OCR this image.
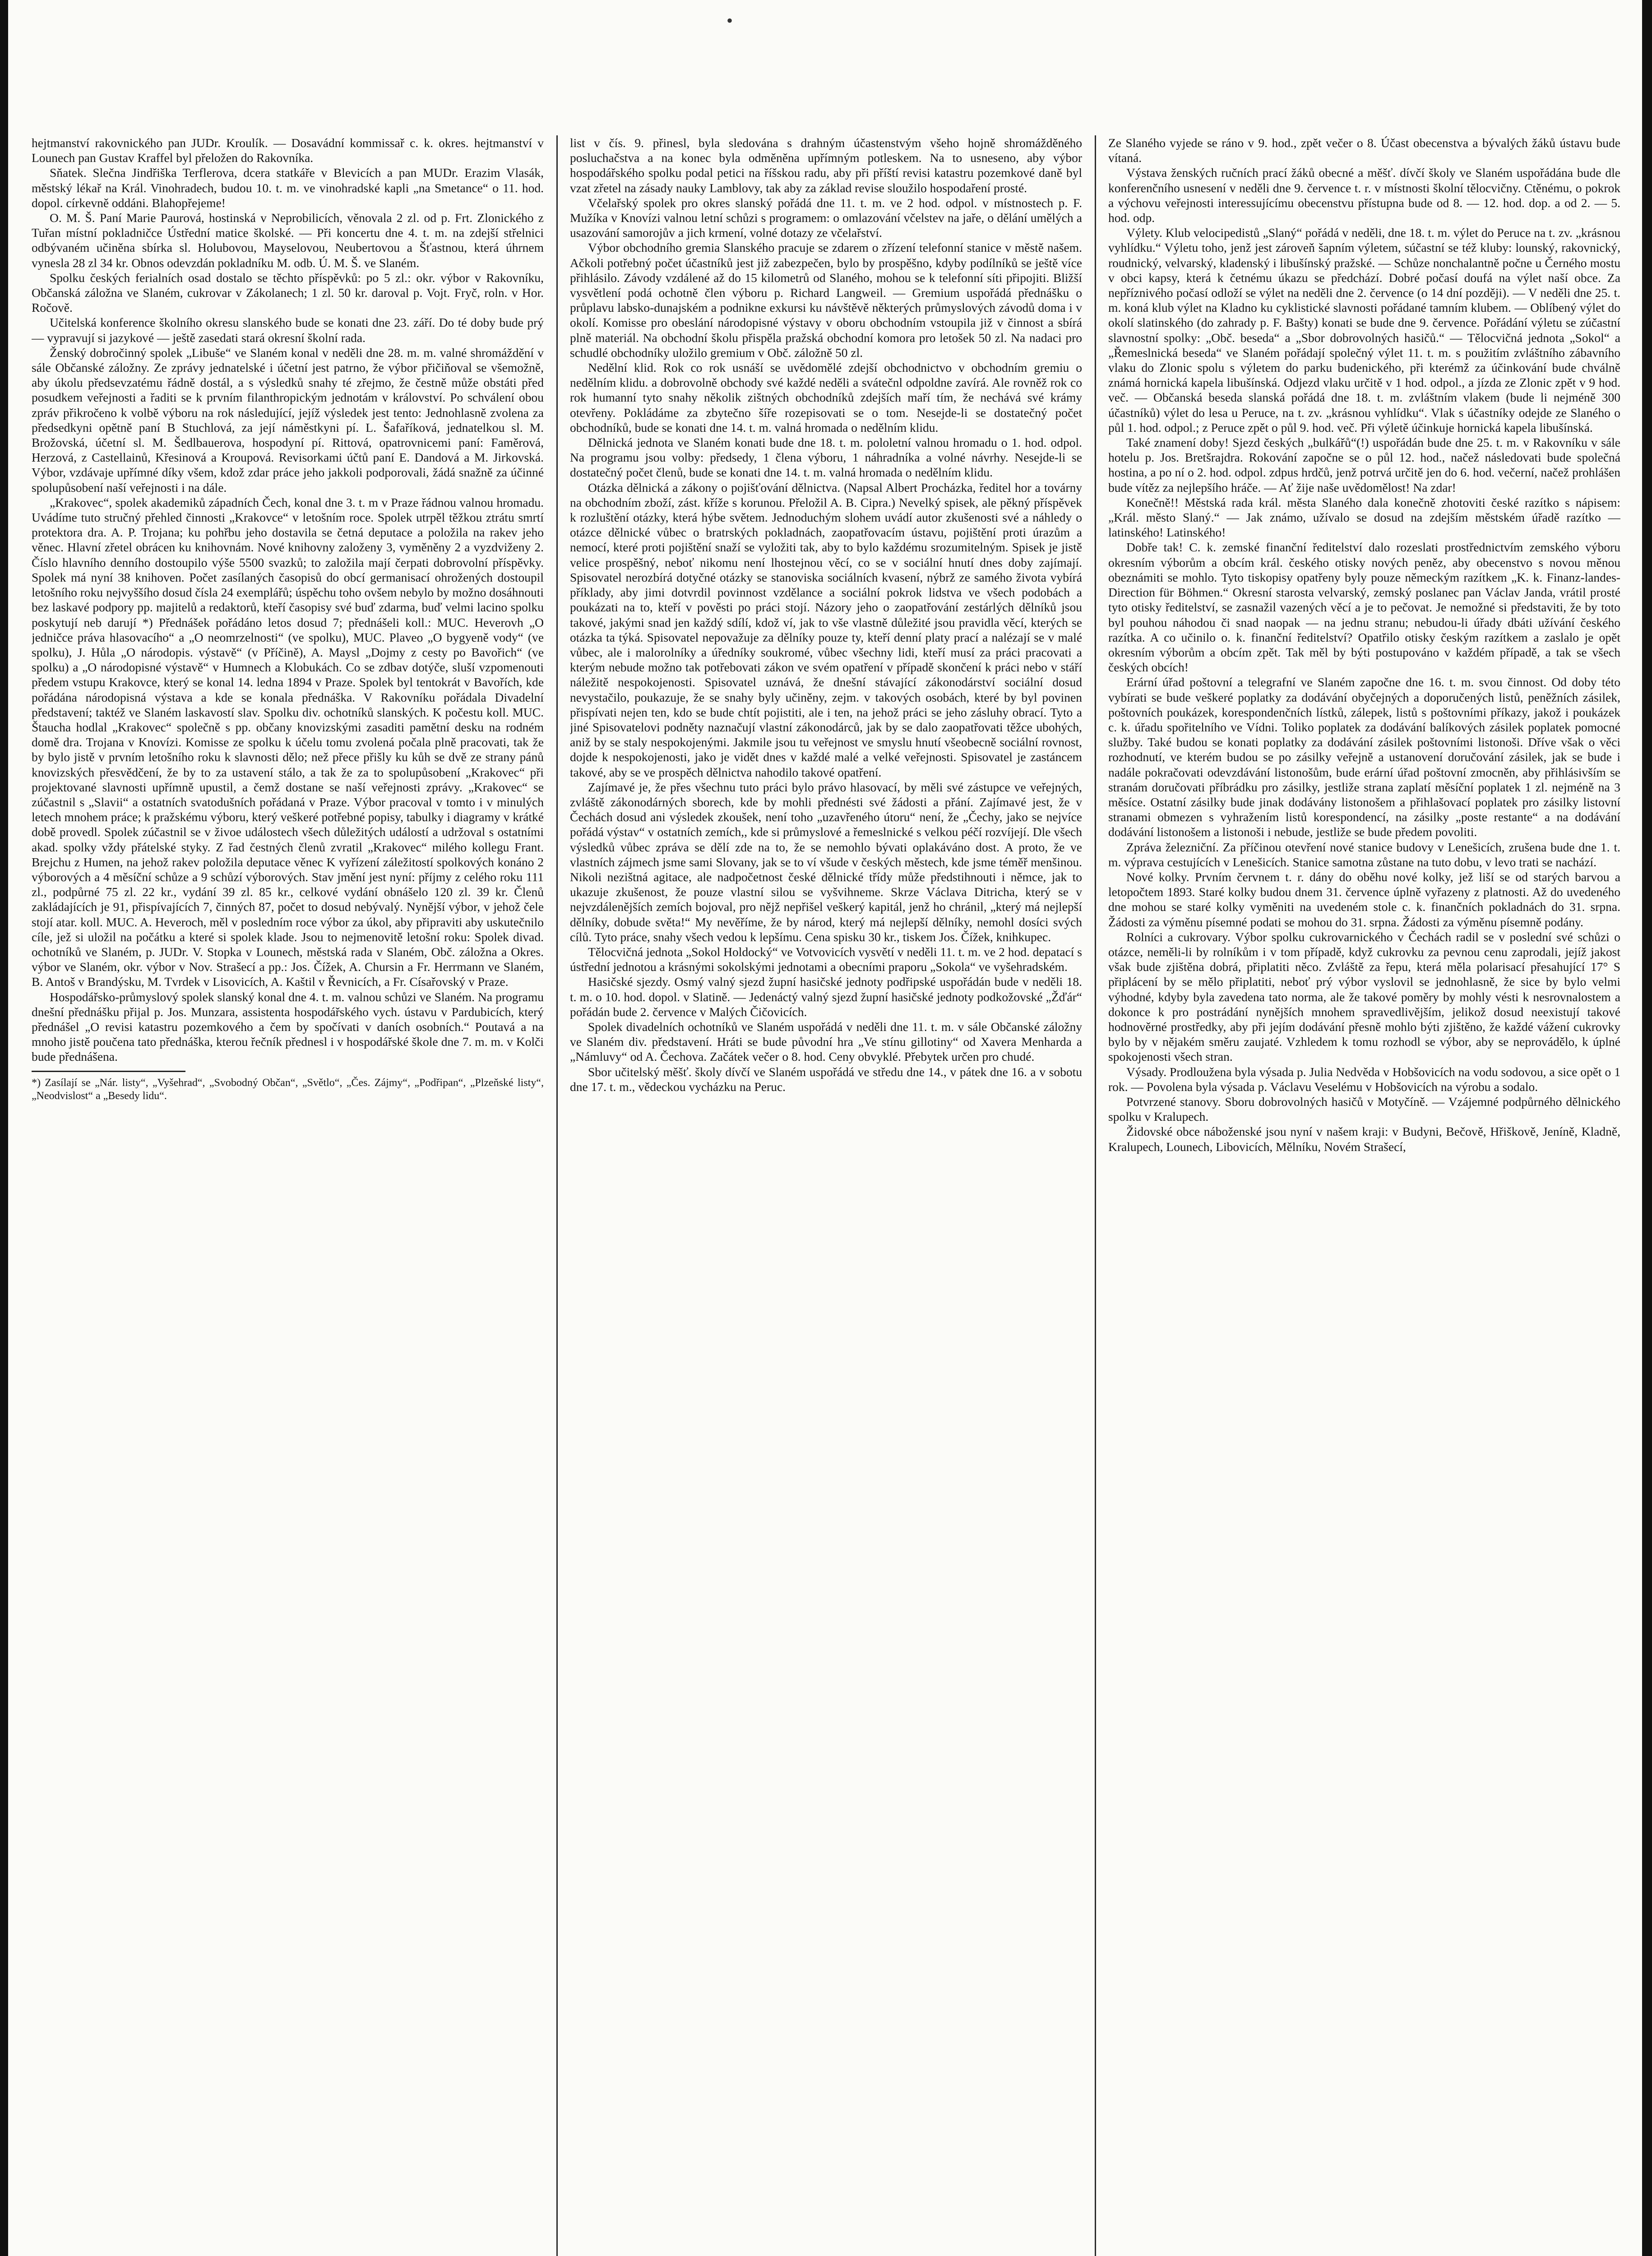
•

hejtmanství rakovnického pan JUDr. Kroulík. — Dosavádní kommissař c. k. okres. hejtmanství v Lounech pan Gustav Kraffel byl přeložen do Rakovníka.

Sňatek. Slečna Jindřiška Terflerova, dcera statkáře v Blevicích a pan MUDr. Erazim Vlasák, městský lékař na Král. Vinohradech, budou 10. t. m. ve vinohradské kapli „na Smetance“ o 11. hod. dopol. církevně oddáni. Blahopřejeme!

O. M. Š. Paní Marie Paurová, hostinská v Neprobilicích, věnovala 2 zl. od p. Frt. Zlonického z Tuřan místní pokladničce Ústřední matice školské. — Při koncertu dne 4. t. m. na zdejší střelnici odbývaném učiněna sbírka sl. Holubovou, Mayselovou, Neubertovou a Šťastnou, která úhrnem vynesla 28 zl 34 kr. Obnos odevzdán pokladníku M. odb. Ú. M. Š. ve Slaném.

Spolku českých ferialních osad dostalo se těchto příspěvků: po 5 zl.: okr. výbor v Rakovníku, Občanská záložna ve Slaném, cukrovar v Zákolanech; 1 zl. 50 kr. daroval p. Vojt. Fryč, roln. v Hor. Ročově.

Učitelská konference školního okresu slanského bude se konati dne 23. září. Do té doby bude prý — vypravují si jazykové — ještě zasedati stará okresní školní rada.

Ženský dobročinný spolek „Libuše“ ve Slaném konal v neděli dne 28. m. m. valné shromáždění v sále Občanské záložny. Ze zprávy jednatelské i účetní jest patrno, že výbor přičiňoval se všemožně, aby úkolu předsevzatému řádně dostál, a s výsledků snahy té zřejmo, že čestně může obstáti před posudkem veřejnosti a řaditi se k prvním filanthropickým jednotám v království. Po schválení obou zpráv přikročeno k volbě výboru na rok následující, jejíž výsledek jest tento: Jednohlasně zvolena za předsedkyni opětně paní B Stuchlová, za její náměstkyni pí. L. Šafaříková, jednatelkou sl. M. Brožovská, účetní sl. M. Šedlbauerova, hospodyní pí. Rittová, opatrovnicemi paní: Faměrová, Herzová, z Castellainů, Křesinová a Kroupová. Revisorkami účtů paní E. Dandová a M. Jirkovská. Výbor, vzdávaje upřímné díky všem, kdož zdar práce jeho jakkoli podporovali, žádá snažně za účinné spolupůsobení naší veřejnosti i na dále.

„Krakovec“, spolek akademiků západních Čech, konal dne 3. t. m v Praze řádnou valnou hromadu. Uvádíme tuto stručný přehled činnosti „Krakovce“ v letošním roce. Spolek utrpěl těžkou ztrátu smrtí protektora dra. A. P. Trojana; ku pohřbu jeho dostavila se četná deputace a položila na rakev jeho věnec. Hlavní zřetel obrácen ku knihovnám. Nové knihovny založeny 3, vyměněny 2 a vyzdviženy 2. Číslo hlavního denního dostoupilo výše 5500 svazků; to založila mají čerpati dobrovolní příspěvky. Spolek má nyní 38 knihoven. Počet zasílaných časopisů do obcí germanisací ohrožených dostoupil letošního roku nejvyššího dosud čísla 24 exemplářů; úspěchu toho ovšem nebylo by možno dosáhnouti bez laskavé podpory pp. majitelů a redaktorů, kteří časopisy své buď zdarma, buď velmi lacino spolku poskytují neb darují *) Přednášek pořádáno letos dosud 7; přednášeli koll.: MUC. Heverovh „O jedničce práva hlasovacího“ a „O neomrzelnosti“ (ve spolku), MUC. Plaveo „O bygyeně vody“ (ve spolku), J. Hůla „O národopis. výstavě“ (v Příčině), A. Maysl „Dojmy z cesty po Bavořich“ (ve spolku) a „O národopisné výstavě“ v Humnech a Klobukách. Co se zdbav dotýče, sluší vzpomenouti předem vstupu Krakovce, který se konal 14. ledna 1894 v Praze. Spolek byl tentokrát v Bavořích, kde pořádána národopisná výstava a kde se konala přednáška. V Rakovníku pořádala Divadelní představení; taktéž ve Slaném laskavostí slav. Spolku div. ochotníků slanských. K počestu koll. MUC. Štaucha hodlal „Krakovec“ společně s pp. občany knovizskými zasaditi pamětní desku na rodném domě dra. Trojana v Knovízi. Komisse ze spolku k účelu tomu zvolená počala plně pracovati, tak že by bylo jistě v prvním letošního roku k slavnosti dělo; než přece přišly ku kůh se dvě ze strany pánů knovizských přesvědčení, že by to za ustavení stálo, a tak že za to spolupůsobení „Krakovec“ při projektované slavnosti upřímně upustil, a čemž dostane se naší veřejnosti zprávy. „Krakovec“ se zúčastnil s „Slavii“ a ostatních svatodušních pořádaná v Praze. Výbor pracoval v tomto i v minulých letech mnohem práce; k pražskému výboru, který veškeré potřebné popisy, tabulky i diagramy v krátké době provedl. Spolek zúčastnil se v živoe událostech všech důležitých událostí a udržoval s ostatními akad. spolky vždy přátelské styky. Z řad čestných členů zvratil „Krakovec“ milého kollegu Frant. Brejchu z Humen, na jehož rakev položila deputace věnec K vyřízení záležitostí spolkových konáno 2 výborových a 4 měsíční schůze a 9 schůzí výborových. Stav jmění jest nyní: příjmy z celého roku 111 zl., podpůrné 75 zl. 22 kr., vydání 39 zl. 85 kr., celkové vydání obnášelo 120 zl. 39 kr. Členů zakládajících je 91, přispívajících 7, činných 87, počet to dosud nebývalý. Nynější výbor, v jehož čele stojí atar. koll. MUC. A. Heveroch, měl v posledním roce výbor za úkol, aby připraviti aby uskutečnilo cíle, jež si uložil na počátku a které si spolek klade. Jsou to nejmenovitě letošní roku: Spolek divad. ochotníků ve Slaném, p. JUDr. V. Stopka v Lounech, městská rada v Slaném, Obč. záložna a Okres. výbor ve Slaném, okr. výbor v Nov. Strašecí a pp.: Jos. Čížek, A. Chursin a Fr. Herrmann ve Slaném, B. Antoš v Brandýsku, M. Tvrdek v Lisovicích, A. Kaštil v Řevnicích, a Fr. Císařovský v Praze.

Hospodářsko-průmyslový spolek slanský konal dne 4. t. m. valnou schůzi ve Slaném. Na programu dnešní přednášku přijal p. Jos. Munzara, assistenta hospodářského vych. ústavu v Pardubicích, který přednášel „O revisi katastru pozemkového a čem by spočívati v daních osobních.“ Poutavá a na mnoho jistě poučena tato přednáška, kterou řečník přednesl i v hospodářské škole dne 7. m. m. v Kolči bude přednášena.

*) Zasílají se „Nár. listy“, „Vyšehrad“, „Svobodný Občan“, „Světlo“, „Čes. Zájmy“, „Podřipan“, „Plzeňské listy“, „Neodvislost“ a „Besedy lidu“.

list v čís. 9. přinesl, byla sledována s drahným účastenstvým všeho hojně shromážděného posluchačstva a na konec byla odměněna upřímným potleskem. Na to usneseno, aby výbor hospodářského spolku podal petici na říšskou radu, aby při příští revisi katastru pozemkové daně byl vzat zřetel na zásady nauky Lamblovy, tak aby za základ revise sloužilo hospodaření prosté.

Včelařský spolek pro okres slanský pořádá dne 11. t. m. ve 2 hod. odpol. v místnostech p. F. Mužíka v Knovízi valnou letní schůzi s programem: o omlazování včelstev na jaře, o dělání umělých a usazování samorojův a jich krmení, volné dotazy ze včelařství.

Výbor obchodního gremia Slanského pracuje se zdarem o zřízení telefonní stanice v městě našem. Ačkoli potřebný počet účastníků jest již zabezpečen, bylo by prospěšno, kdyby podílníků se ještě více přihlásilo. Závody vzdálené až do 15 kilometrů od Slaného, mohou se k telefonní síti připojiti. Bližší vysvětlení podá ochotně člen výboru p. Richard Langweil. — Gremium uspořádá přednášku o průplavu labsko-dunajském a podnikne exkursi ku návštěvě některých průmyslových závodů doma i v okolí. Komisse pro obeslání národopisné výstavy v oboru obchodním vstoupila již v činnost a sbírá plně materiál. Na obchodní školu přispěla pražská obchodní komora pro letošek 50 zl. Na nadaci pro schudlé obchodníky uložilo gremium v Obč. záložně 50 zl.

Nedělní klid. Rok co rok usnáší se uvědomělé zdejší obchodnictvo v obchodním gremiu o nedělním klidu. a dobrovolně obchody své každé neděli a svátečnl odpoldne zavírá. Ale rovněž rok co rok humanní tyto snahy několik zištných obchodníků zdejších maří tím, že nechává své krámy otevřeny. Pokládáme za zbytečno šíře rozepisovati se o tom. Nesejde-li se dostatečný počet obchodníků, bude se konati dne 14. t. m. valná hromada o nedělním klidu.

Dělnická jednota ve Slaném konati bude dne 18. t. m. pololetní valnou hromadu o 1. hod. odpol. Na programu jsou volby: předsedy, 1 člena výboru, 1 náhradníka a volné návrhy. Nesejde-li se dostatečný počet členů, bude se konati dne 14. t. m. valná hromada o nedělním klidu.

Otázka dělnická a zákony o pojišťování dělnictva. (Napsal Albert Procházka, ředitel hor a továrny na obchodním zboží, zást. kříže s korunou. Přeložil A. B. Cipra.) Nevelký spisek, ale pěkný příspěvek k rozluštění otázky, která hýbe světem. Jednoduchým slohem uvádí autor zkušenosti své a náhledy o otázce dělnické vůbec o bratrských pokladnách, zaopatřovacím ústavu, pojištění proti úrazům a nemocí, které proti pojištění snaží se vyložiti tak, aby to bylo každému srozumitelným. Spisek je jistě velice prospěšný, neboť nikomu není lhostejnou věcí, co se v sociální hnutí dnes doby zajímají. Spisovatel nerozbírá dotyčné otázky se stanoviska sociálních kvasení, nýbrž ze samého života vybírá příklady, aby jimi dotvrdil povinnost vzdělance a sociální pokrok lidstva ve všech podobách a poukázati na to, kteří v pověsti po práci stojí. Názory jeho o zaopatřování zestárlých dělníků jsou takové, jakými snad jen každý sdílí, kdož ví, jak to vše vlastně důležité jsou pravidla věcí, kterých se otázka ta týká. Spisovatel nepovažuje za dělníky pouze ty, kteří denní platy prací a nalézají se v malé vůbec, ale i malorolníky a úředníky soukromé, vůbec všechny lidi, kteří musí za práci pracovati a kterým nebude možno tak potřebovati zákon ve svém opatření v případě skončení k práci nebo v stáří náležitě nespokojenosti. Spisovatel uznává, že dnešní stávající zákonodárství sociální dosud nevystačilo, poukazuje, že se snahy byly učiněny, zejm. v takových osobách, které by byl povinen přispívati nejen ten, kdo se bude chtít pojistiti, ale i ten, na jehož práci se jeho zásluhy obrací. Tyto a jiné Spisovatelovi podněty naznačují vlastní zákonodárců, jak by se dalo zaopatřovati těžce ubohých, aniž by se staly nespokojenými. Jakmile jsou tu veřejnost ve smyslu hnutí všeobecně sociální rovnost, dojde k nespokojenosti, jako je vidět dnes v každé malé a velké veřejnosti. Spisovatel je zastáncem takové, aby se ve prospěch dělnictva nahodilo takové opatření.

Zajímavé je, že přes všechnu tuto práci bylo právo hlasovací, by měli své zástupce ve veřejných, zvláště zákonodárných sborech, kde by mohli přednésti své žádosti a přání. Zajímavé jest, že v Čechách dosud ani výsledek zkoušek, není toho „uzavřeného útoru“ není, že „Čechy, jako se nejvíce pořádá výstav“ v ostatních zemích,, kde si průmyslové a řemeslnické s velkou péčí rozvíjejí. Dle všech výsledků vůbec zpráva se dělí zde na to, že se nemohlo bývati oplakáváno dost. A proto, že ve vlastních zájmech jsme sami Slovany, jak se to ví všude v českých městech, kde jsme téměř menšinou. Nikoli nezištná agitace, ale nadpočetnost české dělnické třídy může předstihnouti i němce, jak to ukazuje zkušenost, že pouze vlastní silou se vyšvihneme. Skrze Václava Ditricha, který se v nejvzdálenějších zemích bojoval, pro nějž nepřišel veškerý kapitál, jenž ho chránil, „který má nejlepší dělníky, dobude světa!“ My nevěříme, že by národ, který má nejlepší dělníky, nemohl dosíci svých cílů. Tyto práce, snahy všech vedou k lepšímu. Cena spisku 30 kr., tiskem Jos. Čížek, knihkupec.

Tělocvičná jednota „Sokol Holdocký“ ve Votvovicích vysvětí v neděli 11. t. m. ve 2 hod. depatací s ústřední jednotou a krásnými sokolskými jednotami a obecními praporu „Sokola“ ve vyšehradském.

Hasičské sjezdy. Osmý valný sjezd župní hasičské jednoty podřipské uspořádán bude v neděli 18. t. m. o 10. hod. dopol. v Slatině. — Jedenáctý valný sjezd župní hasičské jednoty podkožovské „Žďár“ pořádán bude 2. července v Malých Čičovicích.

Spolek divadelních ochotníků ve Slaném uspořádá v neděli dne 11. t. m. v sále Občanské záložny ve Slaném div. představení. Hráti se bude původní hra „Ve stínu gillotiny“ od Xavera Menharda a „Námluvy“ od A. Čechova. Začátek večer o 8. hod. Ceny obvyklé. Přebytek určen pro chudé.

Sbor učitelský měšť. školy dívčí ve Slaném uspořádá ve středu dne 14., v pátek dne 16. a v sobotu dne 17. t. m., vědeckou vycházku na Peruc.

Ze Slaného vyjede se ráno v 9. hod., zpět večer o 8. Účast obecenstva a bývalých žáků ústavu bude vítaná.

Výstava ženských ručních prací žáků obecné a měšť. dívčí školy ve Slaném uspořádána bude dle konferenčního usnesení v neděli dne 9. července t. r. v místnosti školní tělocvičny. Ctěnému, o pokrok a výchovu veřejnosti interessujícímu obecenstvu přístupna bude od 8. — 12. hod. dop. a od 2. — 5. hod. odp.

Výlety. Klub velocipedistů „Slaný“ pořádá v neděli, dne 18. t. m. výlet do Peruce na t. zv. „krásnou vyhlídku.“ Výletu toho, jenž jest zároveň šapním výletem, súčastní se též kluby: lounský, rakovnický, roudnický, velvarský, kladenský i libušínský pražské. — Schůze nonchalantně počne u Černého mostu v obci kapsy, která k četnému úkazu se předchází. Dobré počasí doufá na výlet naší obce. Za nepříznivého počasí odloží se výlet na neděli dne 2. července (o 14 dní později). — V neděli dne 25. t. m. koná klub výlet na Kladno ku cyklistické slavnosti pořádané tamním klubem. — Oblíbený výlet do okolí slatinského (do zahrady p. F. Bašty) konati se bude dne 9. července. Pořádání výletu se zúčastní slavnostní spolky: „Obč. beseda“ a „Sbor dobrovolných hasičů.“ — Tělocvičná jednota „Sokol“ a „Řemeslnická beseda“ ve Slaném pořádají společný výlet 11. t. m. s použitím zvláštního zábavního vlaku do Zlonic spolu s výletem do parku budenického, při kterémž za účinkování bude chválně známá hornická kapela libušínská. Odjezd vlaku určitě v 1 hod. odpol., a jízda ze Zlonic zpět v 9 hod. več. — Občanská beseda slanská pořádá dne 18. t. m. zvláštním vlakem (bude li nejméně 300 účastníků) výlet do lesa u Peruce, na t. zv. „krásnou vyhlídku“. Vlak s účastníky odejde ze Slaného o půl 1. hod. odpol.; z Peruce zpět o půl 9. hod. več. Při výletě účinkuje hornická kapela libušínská.

Také znamení doby! Sjezd českých „bulkářů“(!) uspořádán bude dne 25. t. m. v Rakovníku v sále hotelu p. Jos. Bretšrajdra. Rokování započne se o půl 12. hod., načež následovati bude společná hostina, a po ní o 2. hod. odpol. zdpus hrdčů, jenž potrvá určitě jen do 6. hod. večerní, načež prohlášen bude vítěz za nejlepšího hráče. — Ať žije naše uvědomělost! Na zdar!

Konečně!! Městská rada král. města Slaného dala konečně zhotoviti české razítko s nápisem: „Král. město Slaný.“ — Jak známo, užívalo se dosud na zdejším městském úřadě razítko — latinského! Latinského!

Dobře tak! C. k. zemské finanční ředitelství dalo rozeslati prostřednictvím zemského výboru okresním výborům a obcím král. českého otisky nových peněz, aby obecenstvo s novou měnou obeznámiti se mohlo. Tyto tiskopisy opatřeny byly pouze německým razítkem „K. k. Finanz-landes-Direction für Böhmen.“ Okresní starosta velvarský, zemský poslanec pan Václav Janda, vrátil prosté tyto otisky ředitelství, se zasnažil vazených věcí a je to pečovat. Je nemožné si představiti, že by toto byl pouhou náhodou či snad naopak — na jednu stranu; nebudou-li úřady dbáti užívání českého razítka. A co učinilo o. k. finanční ředitelství? Opatřilo otisky českým razítkem a zaslalo je opět okresním výborům a obcím zpět. Tak měl by býti postupováno v každém případě, a tak se všech českých obcích!

Erární úřad poštovní a telegrafní ve Slaném započne dne 16. t. m. svou činnost. Od doby této vybírati se bude veškeré poplatky za dodávání obyčejných a doporučených listů, peněžních zásilek, poštovních poukázek, korespondenčních lístků, zálepek, listů s poštovními příkazy, jakož i poukázek c. k. úřadu spořitelního ve Vídni. Toliko poplatek za dodávání balíkových zásilek poplatek pomocné služby. Také budou se konati poplatky za dodávání zásilek poštovními listonoši. Dříve však o věci rozhodnutí, ve kterém budou se po zásilky veřejně a ustanovení doručování zásilek, jak se bude i nadále pokračovati odevzdávání listonošům, bude erární úřad poštovní zmocněn, aby přihlásivším se stranám doručovati příbrádku pro zásilky, jestliže strana zaplatí měsíční poplatek 1 zl. nejméně na 3 měsíce. Ostatní zásilky bude jinak dodávány listonošem a přihlašovací poplatek pro zásilky listovní stranami obmezen s vyhražením listů korespondencí, na zásilky „poste restante“ a na dodávání dodávání listonošem a listonoši i nebude, jestliže se bude předem povoliti.

Zpráva železniční. Za příčinou otevření nové stanice budovy v Lenešicích, zrušena bude dne 1. t. m. výprava cestujících v Lenešicích. Stanice samotna zůstane na tuto dobu, v levo trati se nachází.

Nové kolky. Prvním červnem t. r. dány do oběhu nové kolky, jež liší se od starých barvou a letopočtem 1893. Staré kolky budou dnem 31. července úplně vyřazeny z platnosti. Až do uvedeného dne mohou se staré kolky vyměniti na uvedeném stole c. k. finančních pokladnách do 31. srpna. Žádosti za výměnu písemné podati se mohou do 31. srpna. Žádosti za výměnu písemně podány.

Rolníci a cukrovary. Výbor spolku cukrovarnického v Čechách radil se v poslední své schůzi o otázce, neměli-li by rolníkům i v tom případě, když cukrovku za pevnou cenu zaprodali, jejíž jakost však bude zjištěna dobrá, připlatiti něco. Zvláště za řepu, která měla polarisací přesahující 17° S připlácení by se mělo připlatiti, neboť prý výbor vyslovil se jednohlasně, že sice by bylo velmi výhodné, kdyby byla zavedena tato norma, ale že takové poměry by mohly vésti k nesrovnalostem a dokonce k pro postrádání nynějších mnohem spravedlivějším, jelikož dosud neexistují takové hodnověrné prostředky, aby při jejím dodávání přesně mohlo býti zjištěno, že každé vážení cukrovky bylo by v nějakém směru zaujaté. Vzhledem k tomu rozhodl se výbor, aby se neprovádělo, k úplné spokojenosti všech stran.

Výsady. Prodloužena byla výsada p. Julia Nedvěda v Hobšovicích na vodu sodovou, a sice opět o 1 rok. — Povolena byla výsada p. Václavu Veselému v Hobšovicích na výrobu a sodalo.

Potvrzené stanovy. Sboru dobrovolných hasičů v Motyčíně. — Vzájemné podpůrného dělnického spolku v Kralupech.

Židovské obce náboženské jsou nyní v našem kraji: v Budyni, Bečově, Hřiškově, Jeníně, Kladně, Kralupech, Lounech, Libovicích, Mělníku, Novém Strašecí,
